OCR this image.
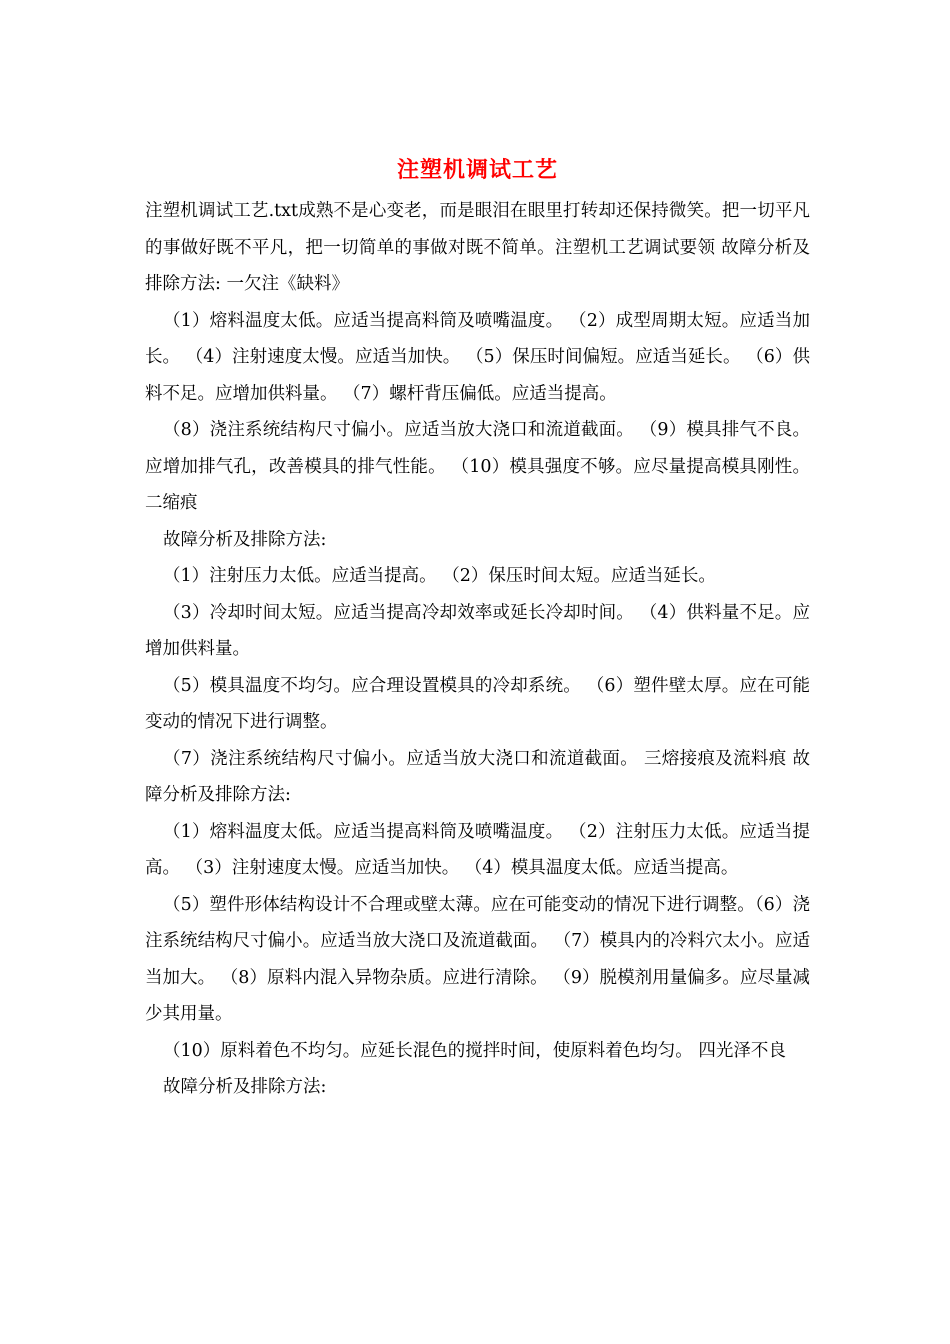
注塑机调试工艺

注塑机调试工艺.txt成熟不是心变老，而是眼泪在眼里打转却还保持微笑。把一切平凡的事做好既不平凡，把一切简单的事做对既不简单。注塑机工艺调试要领 故障分析及排除方法: 一欠注《缺料》

（1）熔料温度太低。应适当提高料筒及喷嘴温度。 （2）成型周期太短。应适当加长。 （4）注射速度太慢。应适当加快。 （5）保压时间偏短。应适当延长。 （6）供料不足。应增加供料量。 （7）螺杆背压偏低。应适当提高。

（8）浇注系统结构尺寸偏小。应适当放大浇口和流道截面。 （9）模具排气不良。应增加排气孔，改善模具的排气性能。 （10）模具强度不够。应尽量提高模具刚性。 二缩痕

故障分析及排除方法:

（1）注射压力太低。应适当提高。 （2）保压时间太短。应适当延长。

（3）冷却时间太短。应适当提高冷却效率或延长冷却时间。 （4）供料量不足。应增加供料量。

（5）模具温度不均匀。应合理设置模具的冷却系统。 （6）塑件壁太厚。应在可能变动的情况下进行调整。

（7）浇注系统结构尺寸偏小。应适当放大浇口和流道截面。 三熔接痕及流料痕 故障分析及排除方法:

（1）熔料温度太低。应适当提高料筒及喷嘴温度。 （2）注射压力太低。应适当提高。 （3）注射速度太慢。应适当加快。 （4）模具温度太低。应适当提高。

（5）塑件形体结构设计不合理或壁太薄。应在可能变动的情况下进行调整。（6）浇注系统结构尺寸偏小。应适当放大浇口及流道截面。 （7）模具内的冷料穴太小。应适当加大。 （8）原料内混入异物杂质。应进行清除。 （9）脱模剂用量偏多。应尽量减少其用量。

（10）原料着色不均匀。应延长混色的搅拌时间，使原料着色均匀。 四光泽不良

故障分析及排除方法:
